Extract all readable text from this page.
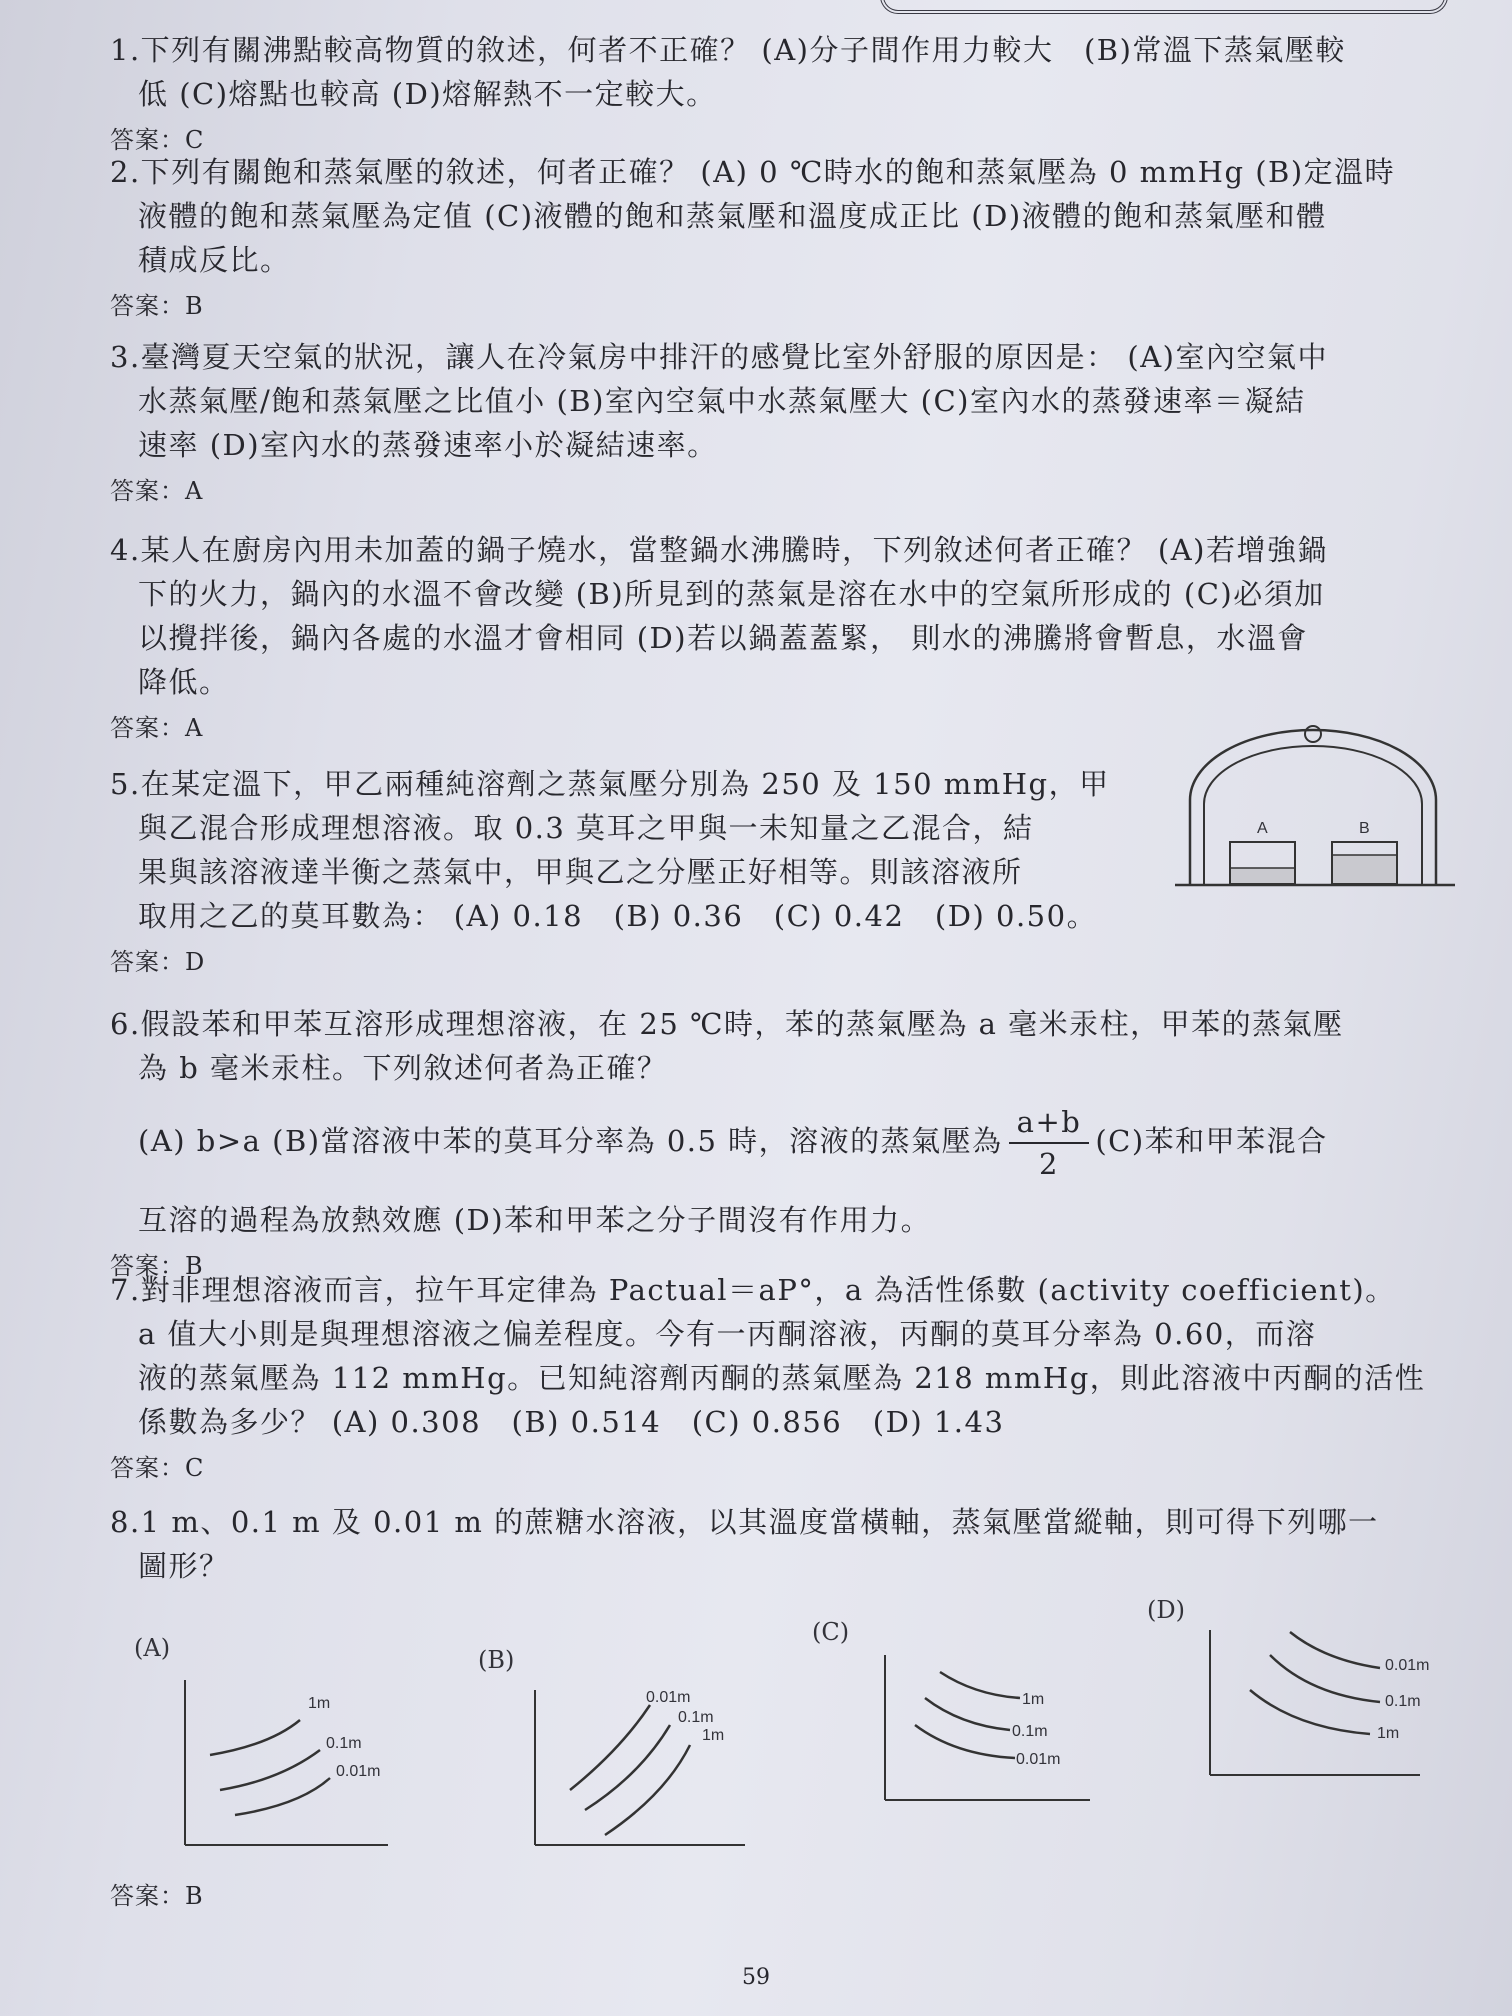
1.下列有關沸點較高物質的敘述，何者不正確？ (A)分子間作用力較大　(B)常溫下蒸氣壓較
低 (C)熔點也較高 (D)熔解熱不一定較大。
答案：C
2.下列有關飽和蒸氣壓的敘述，何者正確？ (A) 0 ℃時水的飽和蒸氣壓為 0 mmHg (B)定溫時
液體的飽和蒸氣壓為定值 (C)液體的飽和蒸氣壓和溫度成正比 (D)液體的飽和蒸氣壓和體
積成反比。
答案：B
3.臺灣夏天空氣的狀況，讓人在冷氣房中排汗的感覺比室外舒服的原因是： (A)室內空氣中
水蒸氣壓/飽和蒸氣壓之比值小 (B)室內空氣中水蒸氣壓大 (C)室內水的蒸發速率＝凝結
速率 (D)室內水的蒸發速率小於凝結速率。
答案：A
4.某人在廚房內用未加蓋的鍋子燒水，當整鍋水沸騰時，下列敘述何者正確？ (A)若增強鍋
下的火力，鍋內的水溫不會改變 (B)所見到的蒸氣是溶在水中的空氣所形成的 (C)必須加
以攪拌後，鍋內各處的水溫才會相同 (D)若以鍋蓋蓋緊， 則水的沸騰將會暫息，水溫會
降低。
答案：A
5.在某定溫下，甲乙兩種純溶劑之蒸氣壓分別為 250 及 150 mmHg，甲
與乙混合形成理想溶液。取 0.3 莫耳之甲與一未知量之乙混合，結
果與該溶液達半衡之蒸氣中，甲與乙之分壓正好相等。則該溶液所
取用之乙的莫耳數為： (A) 0.18　(B) 0.36　(C) 0.42　(D) 0.50。
答案：D
A	B
6.假設苯和甲苯互溶形成理想溶液，在 25 ℃時，苯的蒸氣壓為 a 毫米汞柱，甲苯的蒸氣壓
為 b 毫米汞柱。下列敘述何者為正確？
(A) b>a (B)當溶液中苯的莫耳分率為 0.5 時，溶液的蒸氣壓為 $\frac{a+b}{2} (C)$苯和甲苯混合
互溶的過程為放熱效應 (D)苯和甲苯之分子間沒有作用力。
答案：B
7.對非理想溶液而言，拉午耳定律為 Pactual＝aP°，a 為活性係數 (activity coefficient)。
a 值大小則是與理想溶液之偏差程度。今有一丙酮溶液，丙酮的莫耳分率為 0.60，而溶
液的蒸氣壓為 112 mmHg。已知純溶劑丙酮的蒸氣壓為 218 mmHg，則此溶液中丙酮的活性
係數為多少？ (A) 0.308　(B) 0.514　(C) 0.856　(D) 1.43
答案：C
8.1 m、0.1 m 及 0.01 m 的蔗糖水溶液，以其溫度當橫軸，蒸氣壓當縱軸，則可得下列哪一
圖形？
(A)
1m
0.1m
0.01m
(B)
0.01m
0.1m
1m
(C)
1m
0.1m
0.01m
(D)
0.01m
0.1m
1m
答案：B
59
